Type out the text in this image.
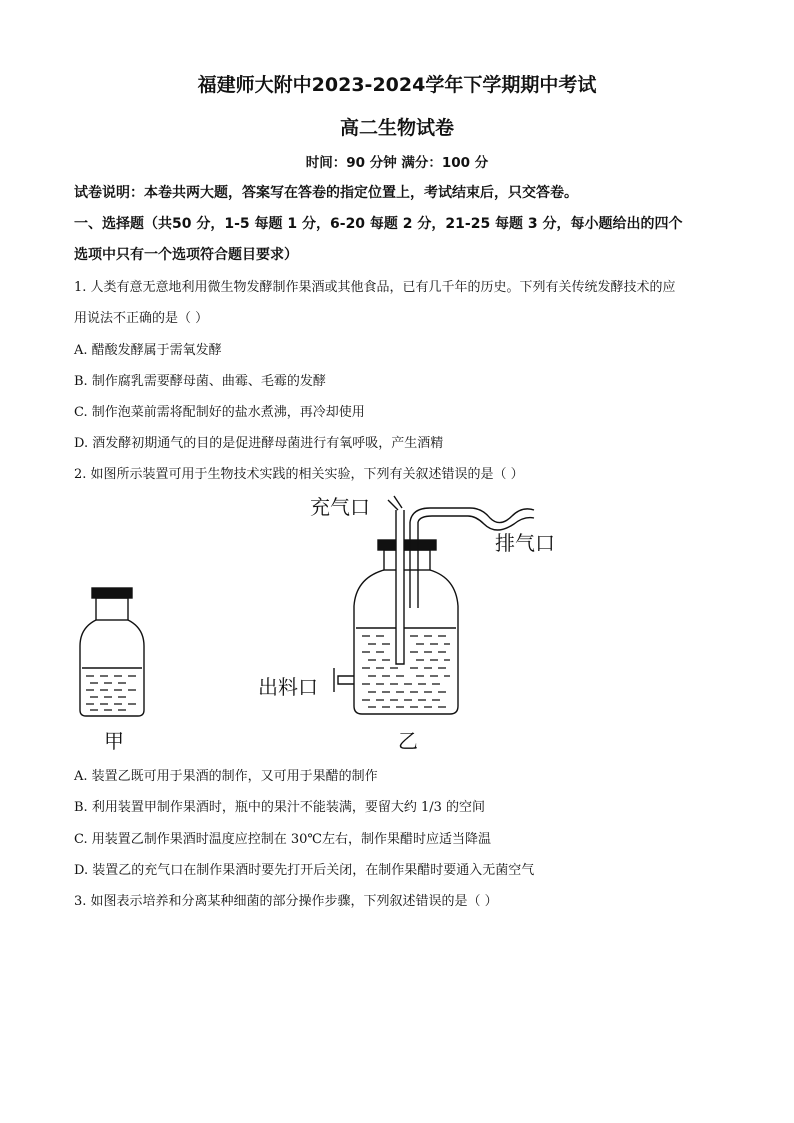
福建师大附中2023-2024学年下学期期中考试
高二生物试卷
时间：90 分钟 满分：100 分
试卷说明：本卷共两大题，答案写在答卷的指定位置上，考试结束后，只交答卷。
一、选择题（共50 分，1-5 每题 1 分，6-20 每题 2 分，21-25 每题 3 分，每小题给出的四个
选项中只有一个选项符合题目要求）
1. 人类有意无意地利用微生物发酵制作果酒或其他食品，已有几千年的历史。下列有关传统发酵技术的应
用说法不正确的是（ ）
A. 醋酸发酵属于需氧发酵
B. 制作腐乳需要酵母菌、曲霉、毛霉的发酵
C. 制作泡菜前需将配制好的盐水煮沸，再冷却使用
D. 酒发酵初期通气的目的是促进酵母菌进行有氧呼吸，产生酒精
2. 如图所示装置可用于生物技术实践的相关实验，下列有关叙述错误的是（ ）
甲
充气口
排气口
出料口
乙
A. 装置乙既可用于果酒的制作，又可用于果醋的制作
B. 利用装置甲制作果酒时，瓶中的果汁不能装满，要留大约 1/3 的空间
C. 用装置乙制作果酒时温度应控制在 30℃左右，制作果醋时应适当降温
D. 装置乙的充气口在制作果酒时要先打开后关闭，在制作果醋时要通入无菌空气
3. 如图表示培养和分离某种细菌的部分操作步骤，下列叙述错误的是（ ）
